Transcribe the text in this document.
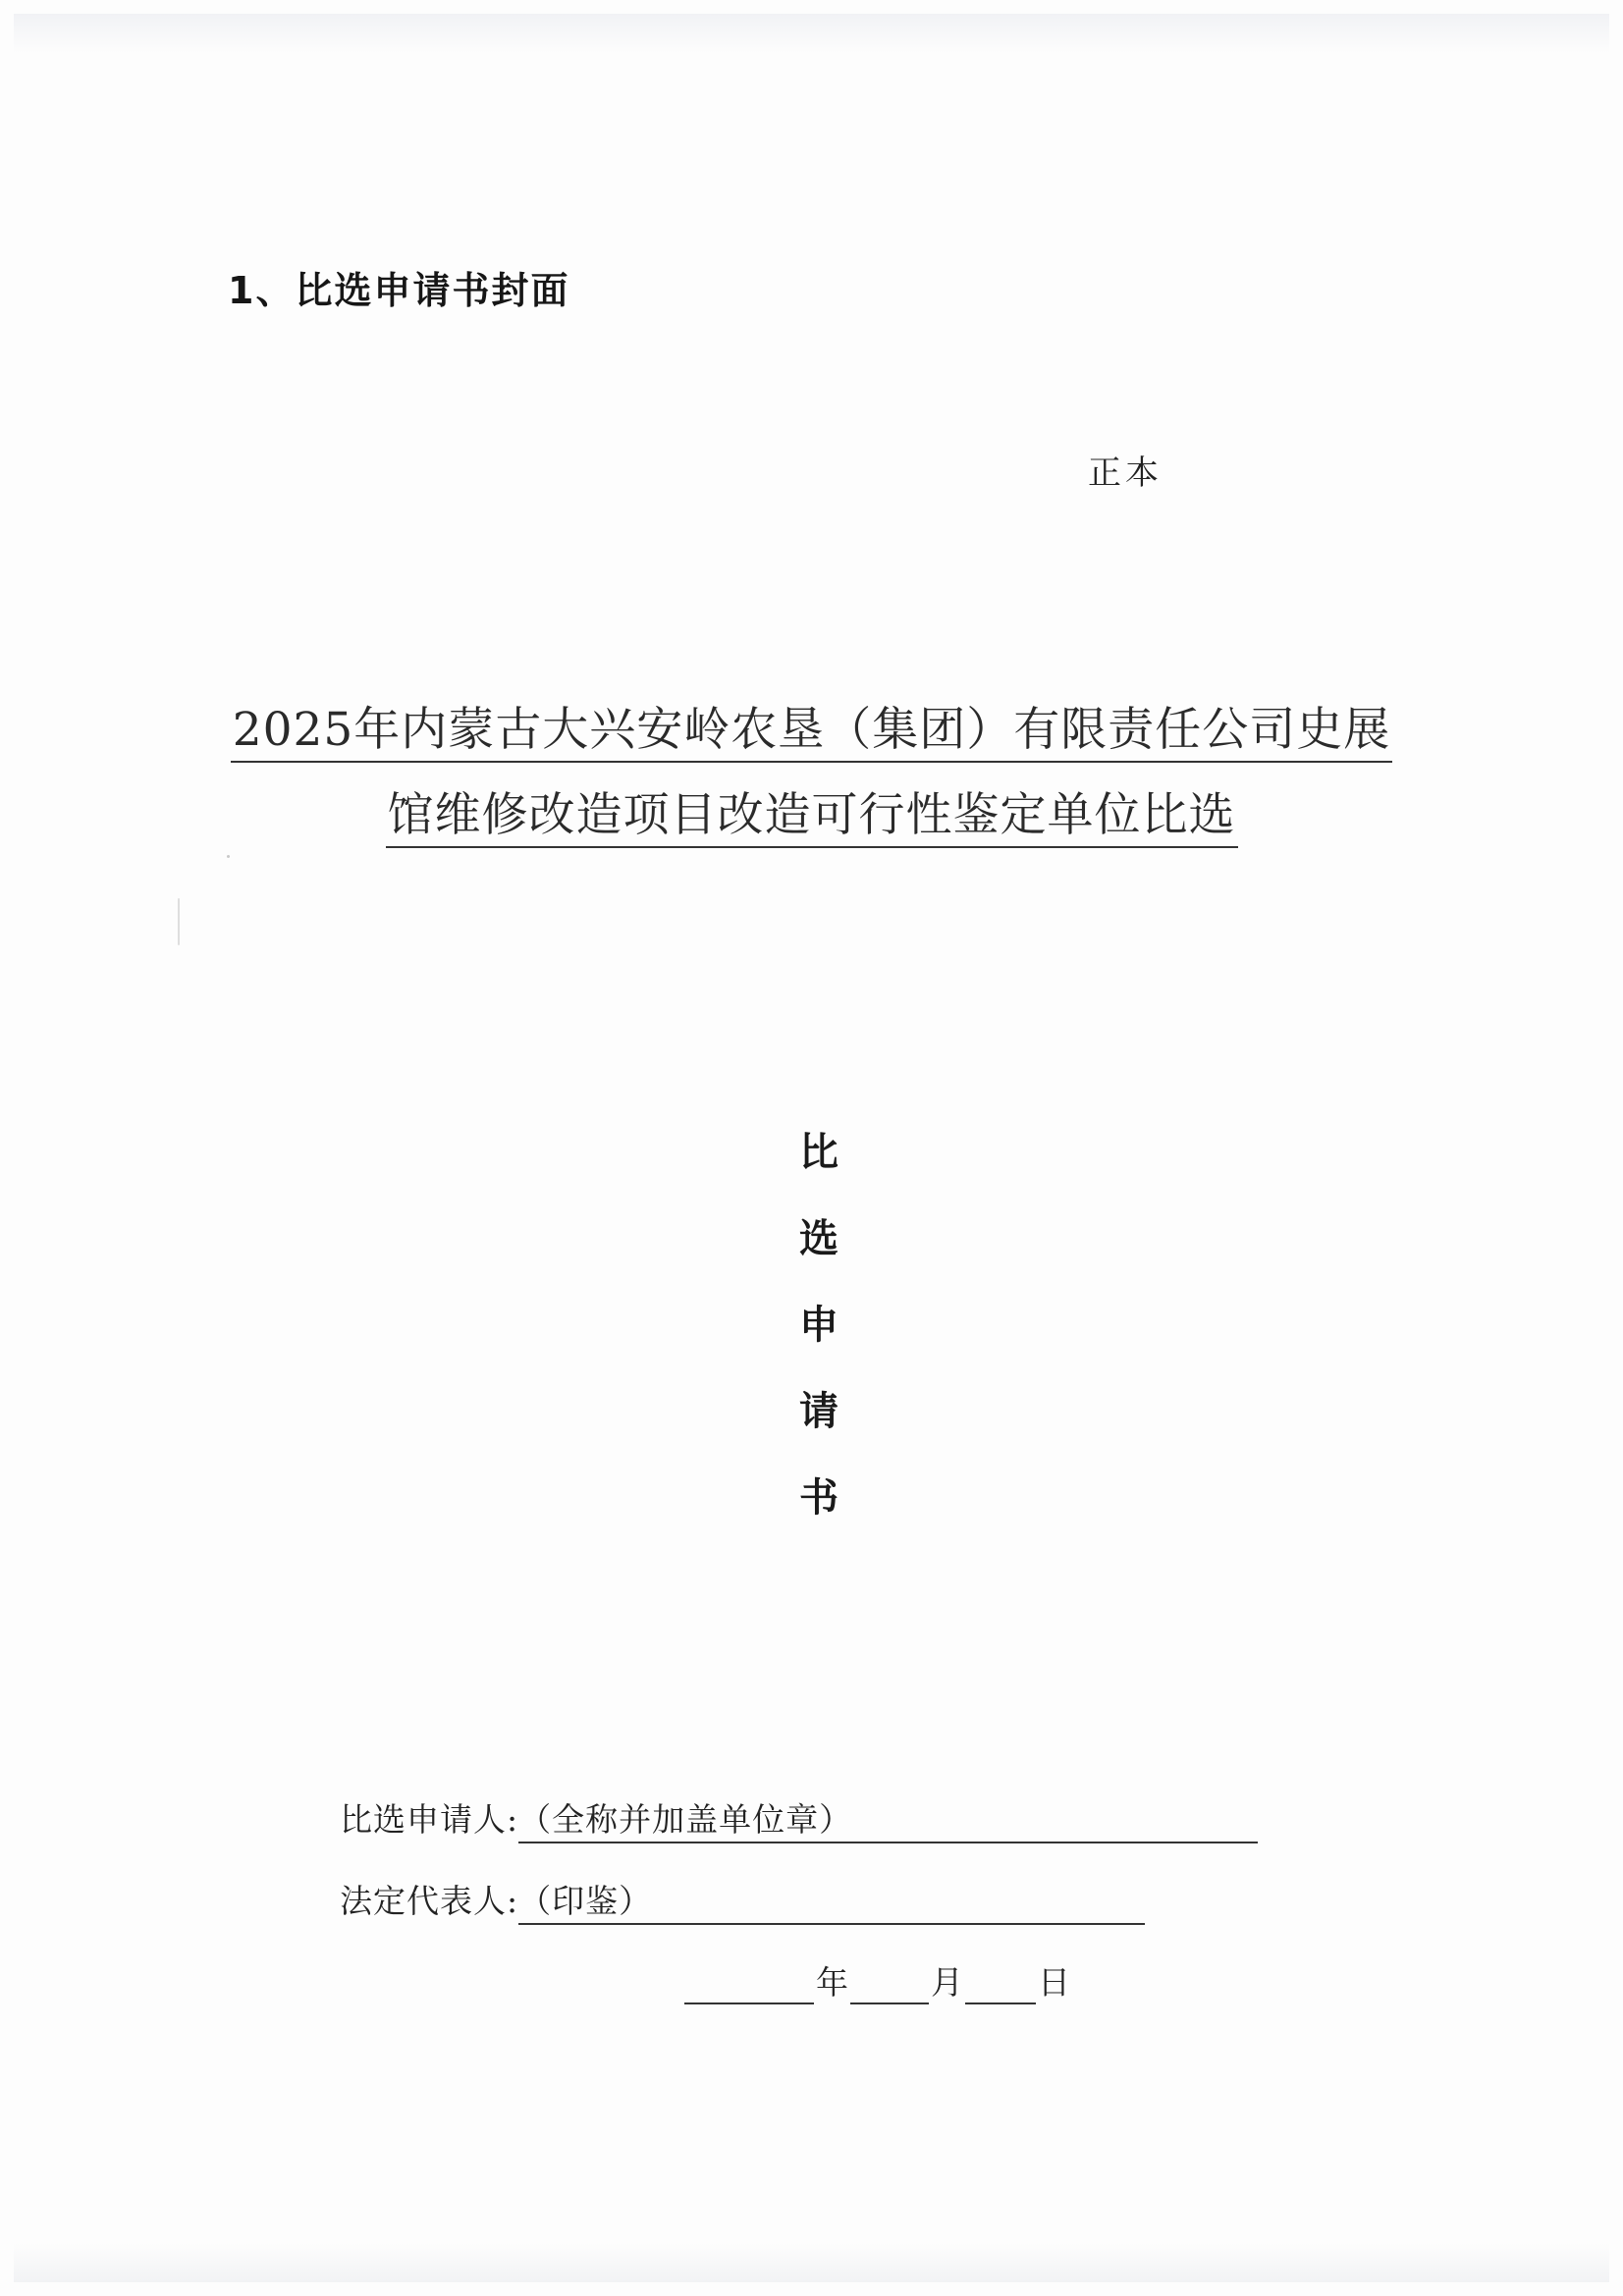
1、比选申请书封面
正本
2025年内蒙古大兴安岭农垦（集团）有限责任公司史展
馆维修改造项目改造可行性鉴定单位比选
比
选
申
请
书
比选申请人:（全称并加盖单位章）
法定代表人:（印鉴）
年	月 日
